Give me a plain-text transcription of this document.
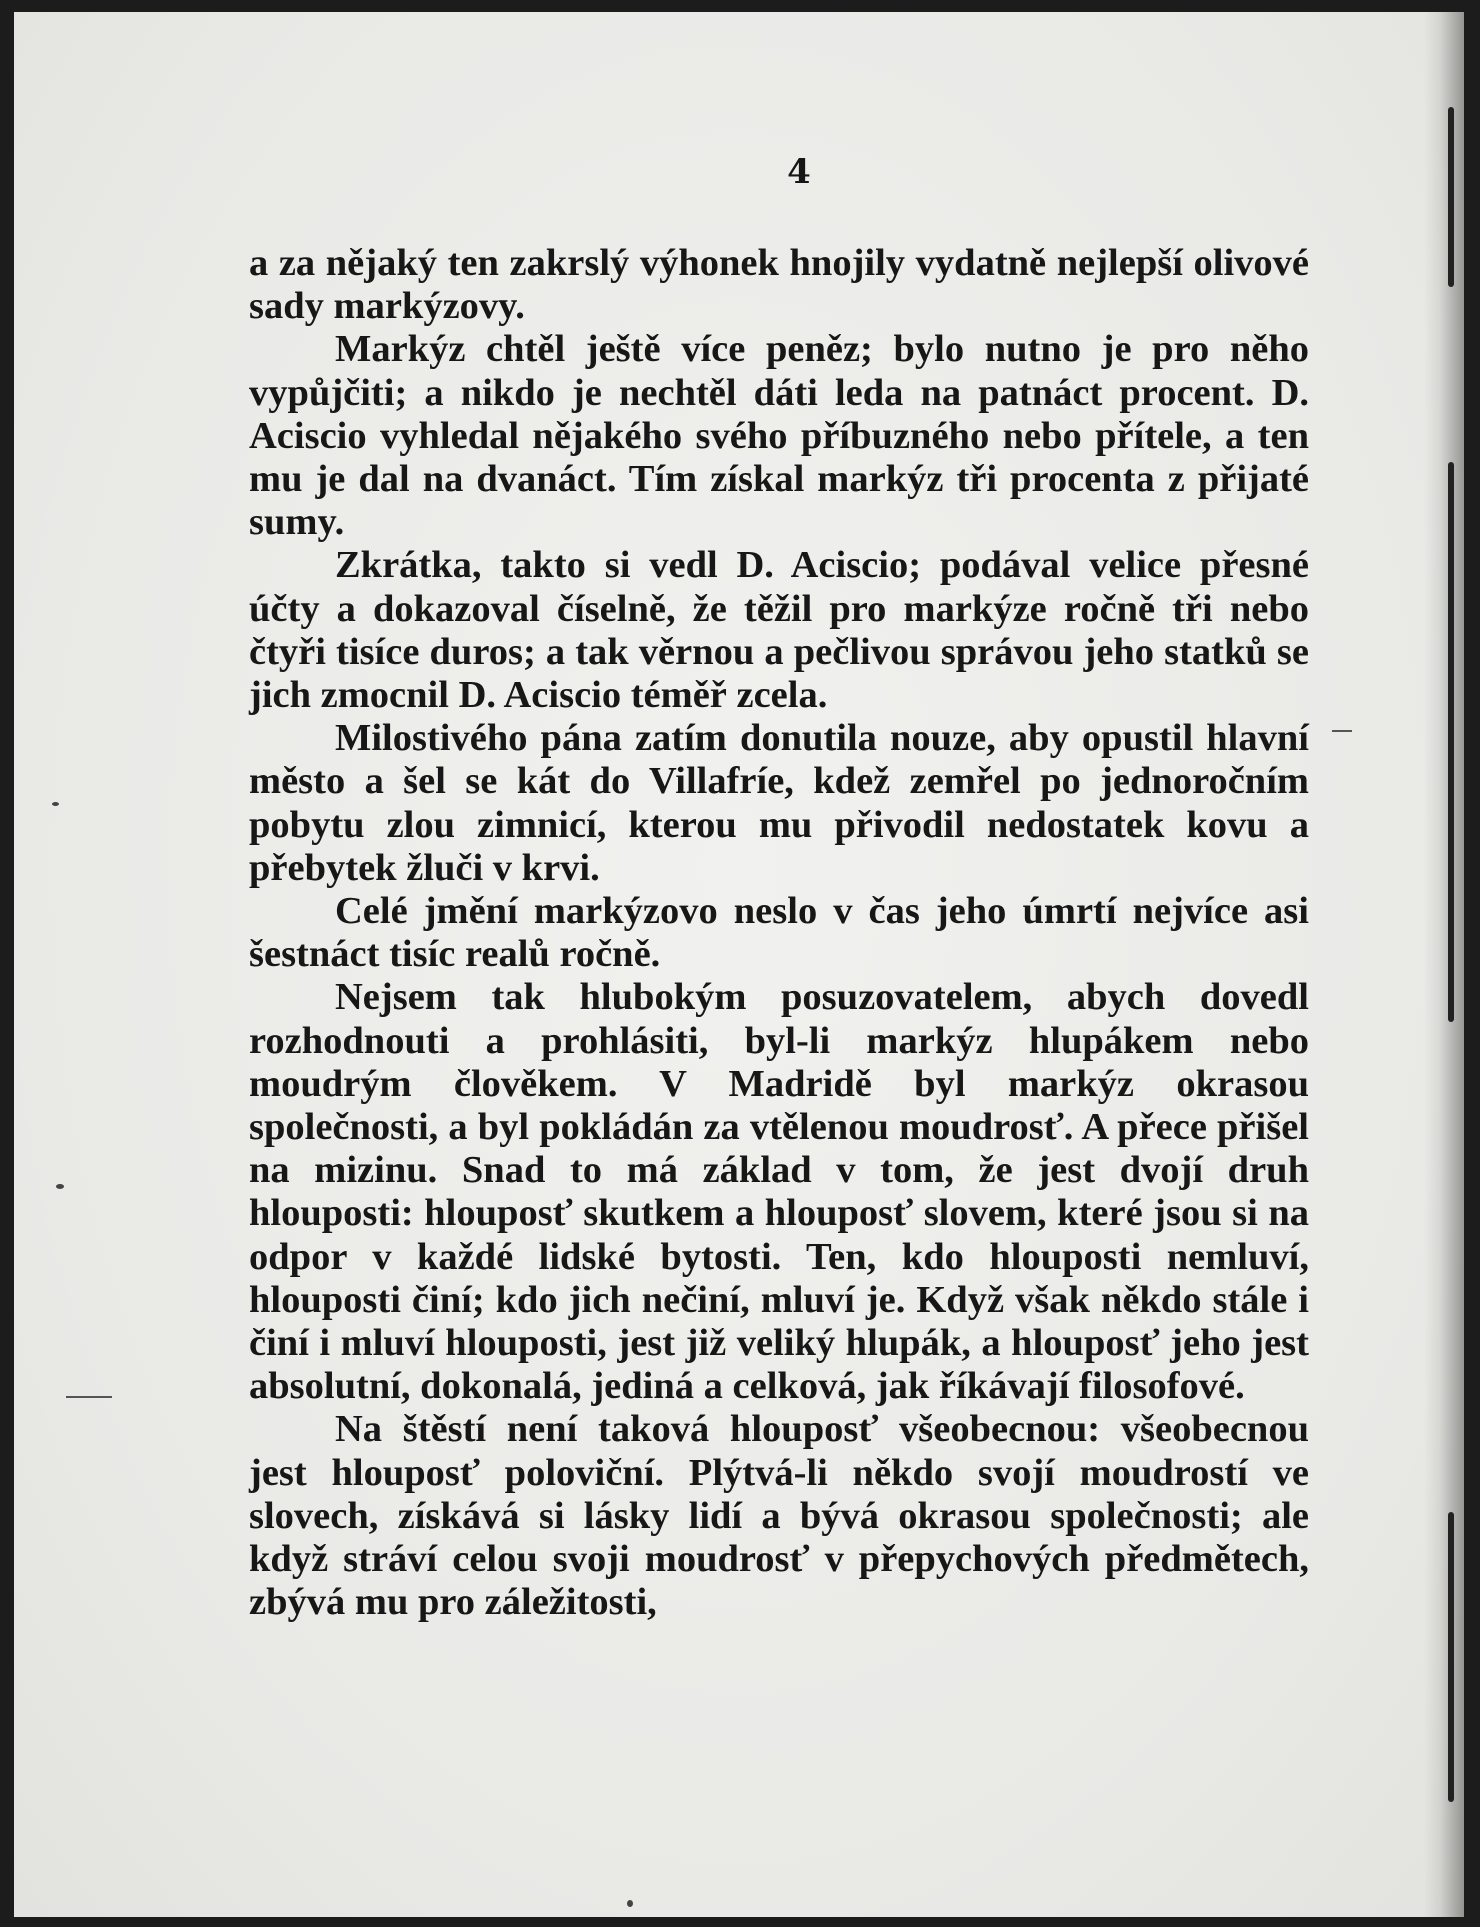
4

a za nějaký ten zakrslý výhonek hnojily vydatně nejlepší olivové sady markýzovy.

Markýz chtěl ještě více peněz; bylo nutno je pro něho vypůjčiti; a nikdo je nechtěl dáti leda na patnáct procent. D. Aciscio vyhledal nějakého svého příbuzného nebo přítele, a ten mu je dal na dvanáct. Tím získal markýz tři procenta z přijaté sumy.

Zkrátka, takto si vedl D. Aciscio; podával velice přesné účty a dokazoval číselně, že těžil pro markýze ročně tři nebo čtyři tisíce duros; a tak věrnou a pečlivou správou jeho statků se jich zmocnil D. Aciscio téměř zcela.

Milostivého pána zatím donutila nouze, aby opustil hlavní město a šel se kát do Villafríe, kdež zemřel po jednoročním pobytu zlou zimnicí, kterou mu přivodil nedostatek kovu a přebytek žluči v krvi.

Celé jmění markýzovo neslo v čas jeho úmrtí nejvíce asi šestnáct tisíc realů ročně.

Nejsem tak hlubokým posuzovatelem, abych dovedl rozhodnouti a prohlásiti, byl-li markýz hlupákem nebo moudrým člověkem. V Madridě byl markýz okrasou společnosti, a byl pokládán za vtělenou moudrosť. A přece přišel na mizinu. Snad to má základ v tom, že jest dvojí druh hlouposti: hlouposť skutkem a hlouposť slovem, které jsou si na odpor v každé lidské bytosti. Ten, kdo hlouposti nemluví, hlouposti činí; kdo jich nečiní, mluví je. Když však někdo stále i činí i mluví hlouposti, jest již veliký hlupák, a hlouposť jeho jest absolutní, dokonalá, jediná a celková, jak říkávají filosofové.

Na štěstí není taková hlouposť všeobecnou: všeobecnou jest hlouposť poloviční. Plýtvá-li někdo svojí moudrostí ve slovech, získává si lásky lidí a bývá okrasou společnosti; ale když stráví celou svoji moudrosť v přepychových předmětech, zbývá mu pro záležitosti,
